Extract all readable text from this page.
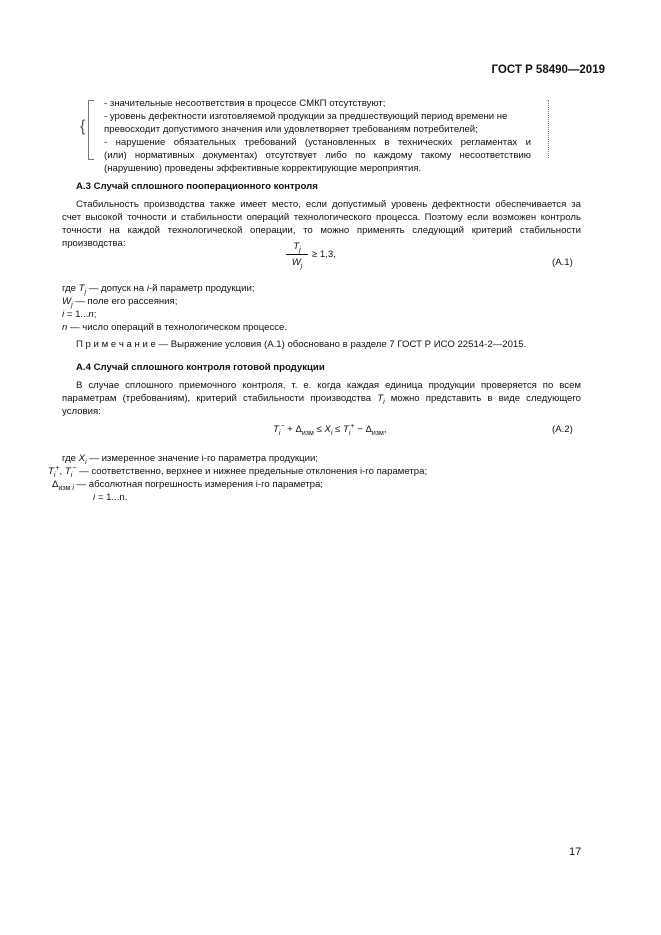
ГОСТ Р 58490—2019
{
- значительные несоответствия в процессе СМКП отсутствуют;
- уровень дефектности изготовляемой продукции за предшествующий период времени не
превосходит допустимого значения или удовлетворяет требованиям потребителей;
- нарушение обязательных требований (установленных в технических регламентах и
(или) нормативных документах) отсутствует либо по каждому такому несоответствию
(нарушению) проведены эффективные корректирующие мероприятия.
А.3 Случай сплошного пооперационного контроля
Стабильность производства также имеет место, если допустимый уровень дефектности обеспечивается за
счет высокой точности и стабильности операций технологического процесса. Поэтому если возможен контроль
точности на каждой технологической операции, то можно применять следующий критерий стабильности
производства:	$T_j$
$W_j$
≥ 1,3,
(А.1)
где $T_j$ — допуск на i-й параметр продукции;
$W_j$ — поле его рассеяния;
i = 1...n;
n — число операций в технологическом процессе.
П р и м е ч а н и е — Выражение условия (А.1) обосновано в разделе 7 ГОСТ Р ИСО 22514-2—2015.
А.4 Случай сплошного контроля готовой продукции
В случае сплошного приемочного контроля, т. е. когда каждая единица продукции проверяется по всем
параметрам (требованиям), критерий стабильности производства $T_i$ можно представить в виде следующего
условия:
$T_i^- + \Delta_{изм} \le X_i \le T_i^+ - \Delta_{изм}$,	(А.2)
где $X_i$ — измеренное значение i-го параметра продукции;
$T_i^+$, $T_i^-$ — соответственно, верхнее и нижнее предельные отклонения i-го параметра;
$\Delta_{изм i}$ — абсолютная погрешность измерения i-го параметра;
i = 1...n.
17
